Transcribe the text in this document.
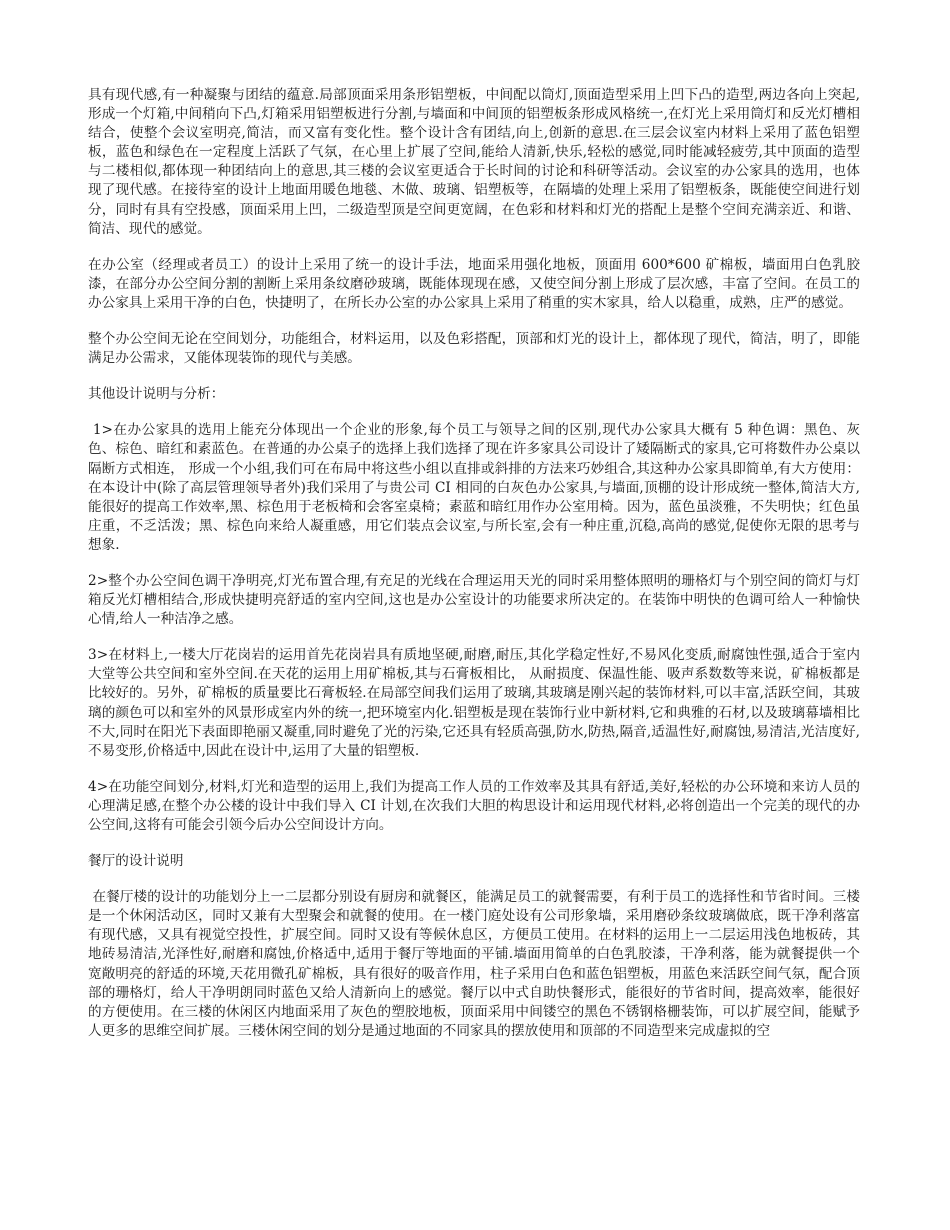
具有现代感,有一种凝聚与团结的蕴意.局部顶面采用条形铝塑板，中间配以筒灯,顶面造型采用上凹下凸的造型,两边各向上突起,形成一个灯箱,中间稍向下凸,灯箱采用铝塑板进行分割,与墙面和中间顶的铝塑板条形成风格统一,在灯光上采用筒灯和反光灯槽相结合，使整个会议室明亮,简洁，而又富有变化性。整个设计含有团结,向上,创新的意思.在三层会议室内材料上采用了蓝色铝塑板，蓝色和绿色在一定程度上活跃了气氛，在心里上扩展了空间,能给人清新,快乐,轻松的感觉,同时能减轻疲劳,其中顶面的造型与二楼相似,都体现一种团结向上的意思,其三楼的会议室更适合于长时间的讨论和科研等活动。会议室的办公家具的选用，也体现了现代感。在接待室的设计上地面用暖色地毯、木做、玻璃、铝塑板等，在隔墙的处理上采用了铝塑板条，既能使空间进行划分，同时有具有空投感，顶面采用上凹，二级造型顶是空间更宽阔，在色彩和材料和灯光的搭配上是整个空间充满亲近、和谐、简洁、现代的感觉。

在办公室（经理或者员工）的设计上采用了统一的设计手法，地面采用强化地板，顶面用 600*600 矿棉板，墙面用白色乳胶漆，在部分办公空间分割的割断上采用条纹磨砂玻璃，既能体现现在感，又使空间分割上形成了层次感，丰富了空间。在员工的办公家具上采用干净的白色，快捷明了，在所长办公室的办公家具上采用了稍重的实木家具，给人以稳重，成熟，庄严的感觉。

整个办公空间无论在空间划分，功能组合，材料运用，以及色彩搭配，顶部和灯光的设计上，都体现了现代，简洁，明了，即能满足办公需求，又能体现装饰的现代与美感。

其他设计说明与分析：

1>在办公家具的选用上能充分体现出一个企业的形象,每个员工与领导之间的区别,现代办公家具大概有 5 种色调：黑色、灰色、棕色、暗红和素蓝色。在普通的办公桌子的选择上我们选择了现在许多家具公司设计了矮隔断式的家具,它可将数件办公桌以隔断方式相连， 形成一个小组,我们可在布局中将这些小组以直排或斜排的方法来巧妙组合,其这种办公家具即简单,有大方使用：在本设计中(除了高层管理领导者外)我们采用了与贵公司 CI 相同的白灰色办公家具,与墙面,顶棚的设计形成统一整体,简洁大方,能很好的提高工作效率,黑、棕色用于老板椅和会客室桌椅；素蓝和暗红用作办公室用椅。因为，蓝色虽淡雅，不失明快；红色虽庄重，不乏活泼；黑、棕色向来给人凝重感，用它们装点会议室,与所长室,会有一种庄重,沉稳,高尚的感觉,促使你无限的思考与想象.

2>整个办公空间色调干净明亮,灯光布置合理,有充足的光线在合理运用天光的同时采用整体照明的珊格灯与个别空间的筒灯与灯箱反光灯槽相结合,形成快捷明亮舒适的室内空间,这也是办公室设计的功能要求所决定的。在装饰中明快的色调可给人一种愉快心情,给人一种洁净之感。

3>在材料上,一楼大厅花岗岩的运用首先花岗岩具有质地坚硬,耐磨,耐压,其化学稳定性好,不易风化变质,耐腐蚀性强,适合于室内大堂等公共空间和室外空间.在天花的运用上用矿棉板,其与石膏板相比， 从耐损度、保温性能、吸声系数数等来说，矿棉板都是比较好的。另外，矿棉板的质量要比石膏板轻.在局部空间我们运用了玻璃,其玻璃是刚兴起的装饰材料,可以丰富,活跃空间，其玻璃的颜色可以和室外的风景形成室内外的统一,把环境室内化.铝塑板是现在装饰行业中新材料,它和典雅的石材,以及玻璃幕墙相比不大,同时在阳光下表面即艳丽又凝重,同时避免了光的污染,它还具有轻质高强,防水,防热,隔音,适温性好,耐腐蚀,易清洁,光洁度好,不易变形,价格适中,因此在设计中,运用了大量的铝塑板.

4>在功能空间划分,材料,灯光和造型的运用上,我们为提高工作人员的工作效率及其具有舒适,美好,轻松的办公环境和来访人员的心理满足感,在整个办公楼的设计中我们导入 CI 计划,在次我们大胆的构思设计和运用现代材料,必将创造出一个完美的现代的办公空间,这将有可能会引领今后办公空间设计方向。

餐厅的设计说明

在餐厅楼的设计的功能划分上一二层都分别设有厨房和就餐区，能满足员工的就餐需要，有利于员工的选择性和节省时间。三楼是一个休闲活动区，同时又兼有大型聚会和就餐的使用。在一楼门庭处设有公司形象墙，采用磨砂条纹玻璃做底，既干净利落富有现代感，又具有视觉空投性，扩展空间。同时又设有等候休息区，方便员工使用。在材料的运用上一二层运用浅色地板砖，其地砖易清洁,光泽性好,耐磨和腐蚀,价格适中,适用于餐厅等地面的平铺.墙面用简单的白色乳胶漆，干净利落，能为就餐提供一个宽敞明亮的舒适的环境,天花用微孔矿棉板，具有很好的吸音作用，柱子采用白色和蓝色铝塑板，用蓝色来活跃空间气氛，配合顶部的珊格灯，给人干净明朗同时蓝色又给人清新向上的感觉。餐厅以中式自助快餐形式，能很好的节省时间，提高效率，能很好的方便使用。在三楼的休闲区内地面采用了灰色的塑胶地板，顶面采用中间镂空的黑色不锈钢格栅装饰，可以扩展空间，能赋予人更多的思维空间扩展。三楼休闲空间的划分是通过地面的不同家具的摆放使用和顶部的不同造型来完成虚拟的空
